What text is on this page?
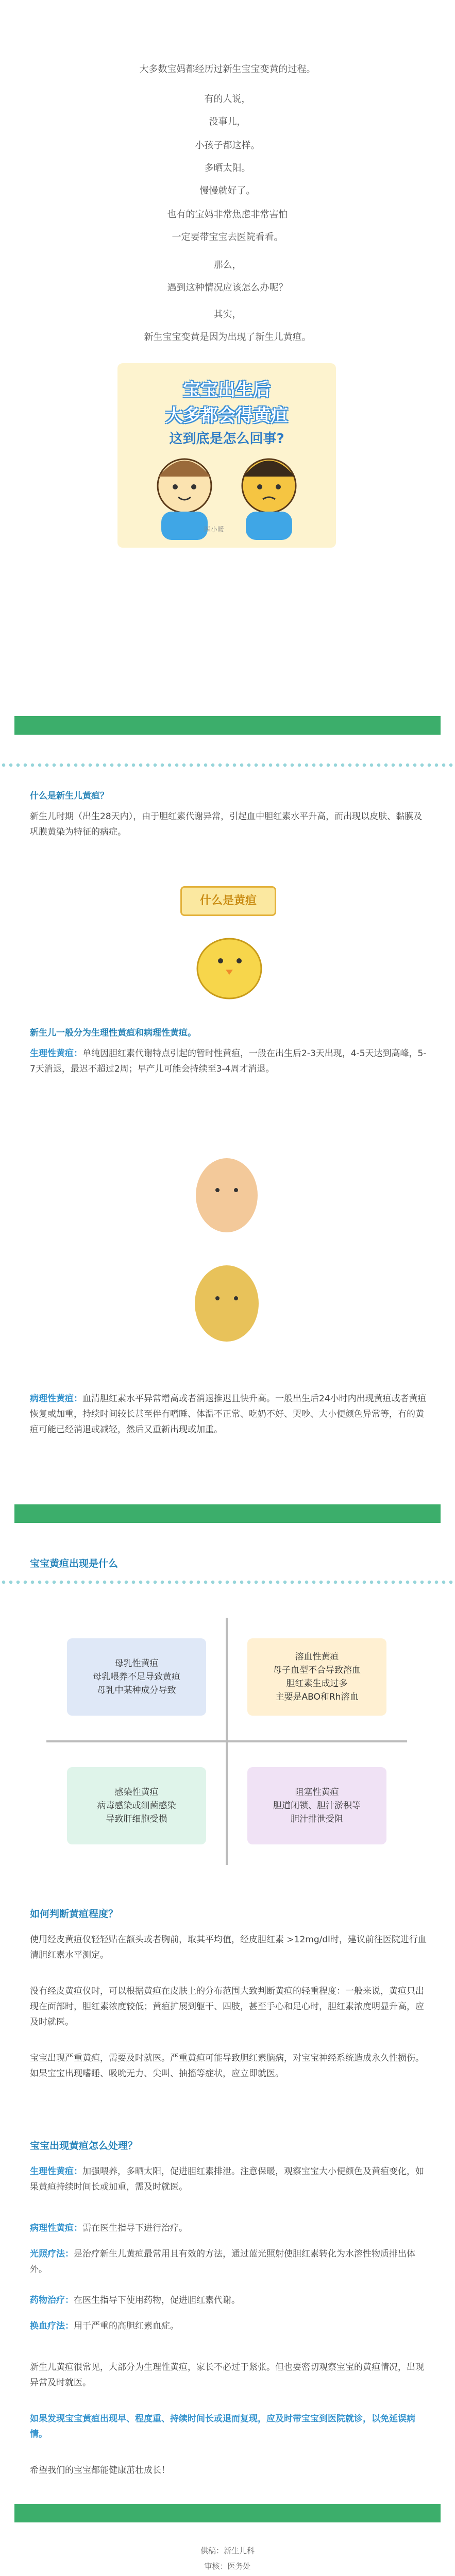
大多数宝妈都经历过新生宝宝变黄的过程。
有的人说，
没事儿，
小孩子都这样。
多晒太阳。
慢慢就好了。
也有的宝妈非常焦虑非常害怕
一定要带宝宝去医院看看。
那么，
遇到这种情况应该怎么办呢？
其实，
新生宝宝变黄是因为出现了新生儿黄疸。
宝宝出生后
大多都会得黄疸
这到底是怎么回事?
医小暖
什么是新生儿黄疸？
新生儿时期（出生28天内），由于胆红素代谢异常，引起血中胆红素水平升高，而出现以皮肤、黏膜及巩膜黄染为特征的病症。
什么是黄疸
新生儿一般分为生理性黄疸和病理性黄疸。
生理性黄疸：单纯因胆红素代谢特点引起的暂时性黄疸，一般在出生后2-3天出现，4-5天达到高峰，5-7天消退，最迟不超过2周；早产儿可能会持续至3-4周才消退。
病理性黄疸：血清胆红素水平异常增高或者消退推迟且快升高。一般出生后24小时内出现黄疸或者黄疸恢复或加重，持续时间较长甚至伴有嗜睡、体温不正常、吃奶不好、哭吵、大小便颜色异常等，有的黄疸可能已经消退或减轻，然后又重新出现或加重。
宝宝黄疸出现是什么
母乳性黄疸
母乳喂养不足导致黄疸
母乳中某种成分导致
溶血性黄疸
母子血型不合导致溶血
胆红素生成过多
主要是ABO和Rh溶血
感染性黄疸
病毒感染或细菌感染
导致肝细胞受损
阻塞性黄疸
胆道闭锁、胆汁淤积等
胆汁排泄受阻
如何判断黄疸程度？
使用经皮黄疸仪轻轻贴在额头或者胸前，取其平均值，经皮胆红素 >12mg/dl时，建议前往医院进行血清胆红素水平测定。
没有经皮黄疸仪时，可以根据黄疸在皮肤上的分布范围大致判断黄疸的轻重程度：一般来说，黄疸只出现在面部时，胆红素浓度较低；黄疸扩展到躯干、四肢，甚至手心和足心时，胆红素浓度明显升高，应及时就医。
宝宝出现严重黄疸，需要及时就医。严重黄疸可能导致胆红素脑病，对宝宝神经系统造成永久性损伤。如果宝宝出现嗜睡、吸吮无力、尖叫、抽搐等症状，应立即就医。
宝宝出现黄疸怎么处理？
生理性黄疸：加强喂养，多晒太阳，促进胆红素排泄。注意保暖，观察宝宝大小便颜色及黄疸变化，如果黄疸持续时间长或加重，需及时就医。
病理性黄疸：需在医生指导下进行治疗。
光照疗法：是治疗新生儿黄疸最常用且有效的方法，通过蓝光照射使胆红素转化为水溶性物质排出体外。
药物治疗：在医生指导下使用药物，促进胆红素代谢。
换血疗法：用于严重的高胆红素血症。
新生儿黄疸很常见，大部分为生理性黄疸，家长不必过于紧张。但也要密切观察宝宝的黄疸情况，出现异常及时就医。
如果发现宝宝黄疸出现早、程度重、持续时间长或退而复现，应及时带宝宝到医院就诊，以免延误病情。
希望我们的宝宝都能健康茁壮成长！
供稿：新生儿科
审核：医务处
